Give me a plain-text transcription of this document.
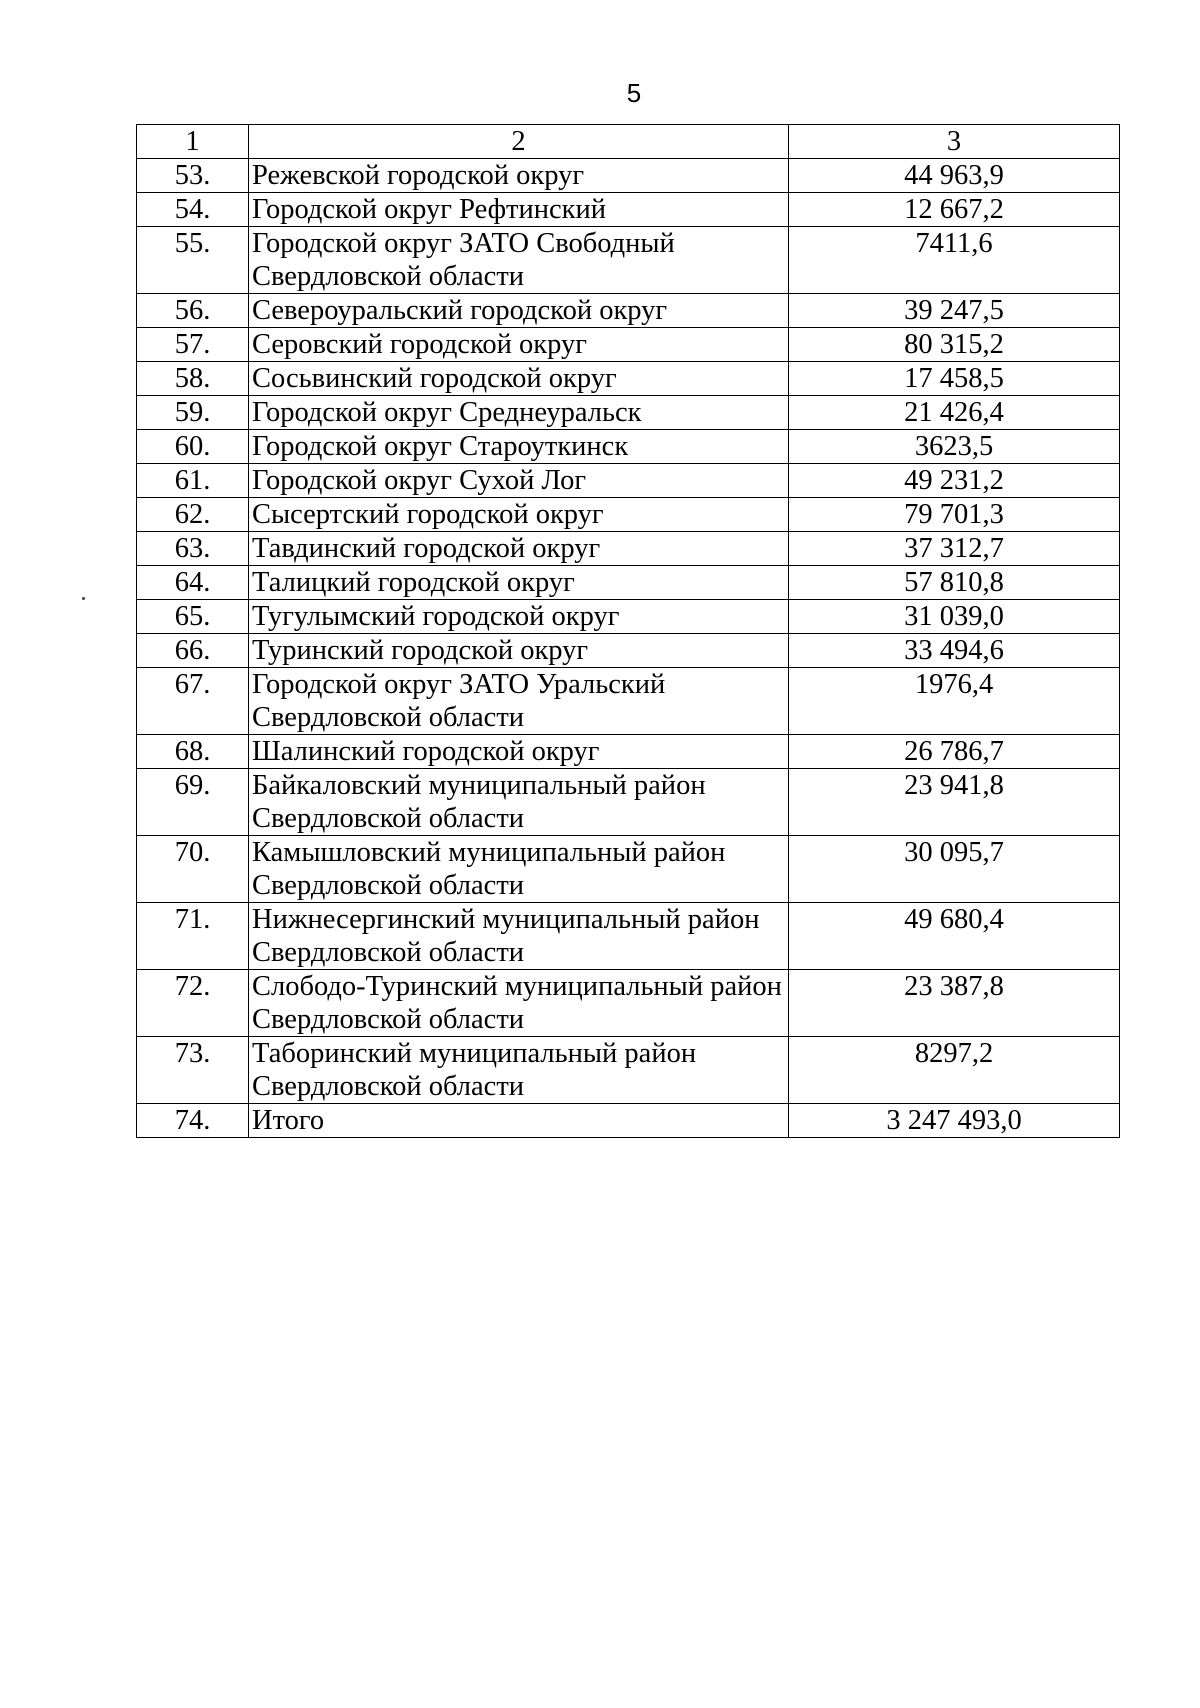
5
1	2	3
53.	Режевской городской округ	44 963,9
54.	Городской округ Рефтинский	12 667,2
55.	Городской округ ЗАТО Свободный Свердловской области	7411,6
56.	Североуральский городской округ	39 247,5
57.	Серовский городской округ	80 315,2
58.	Сосьвинский городской округ	17 458,5
59.	Городской округ Среднеуральск	21 426,4
60.	Городской округ Староуткинск	3623,5
61.	Городской округ Сухой Лог	49 231,2
62.	Сысертский городской округ	79 701,3
63.	Тавдинский городской округ	37 312,7
64.	Талицкий городской округ	57 810,8
65.	Тугулымский городской округ	31 039,0
66.	Туринский городской округ	33 494,6
67.	Городской округ ЗАТО Уральский Свердловской области	1976,4
68.	Шалинский городской округ	26 786,7
69.	Байкаловский муниципальный район Свердловской области	23 941,8
70.	Камышловский муниципальный район Свердловской области	30 095,7
71.	Нижнесергинский муниципальный район Свердловской области	49 680,4
72.	Слободо-Туринский муниципальный район Свердловской области	23 387,8
73.	Таборинский муниципальный район Свердловской области	8297,2
74.	Итого	3 247 493,0
